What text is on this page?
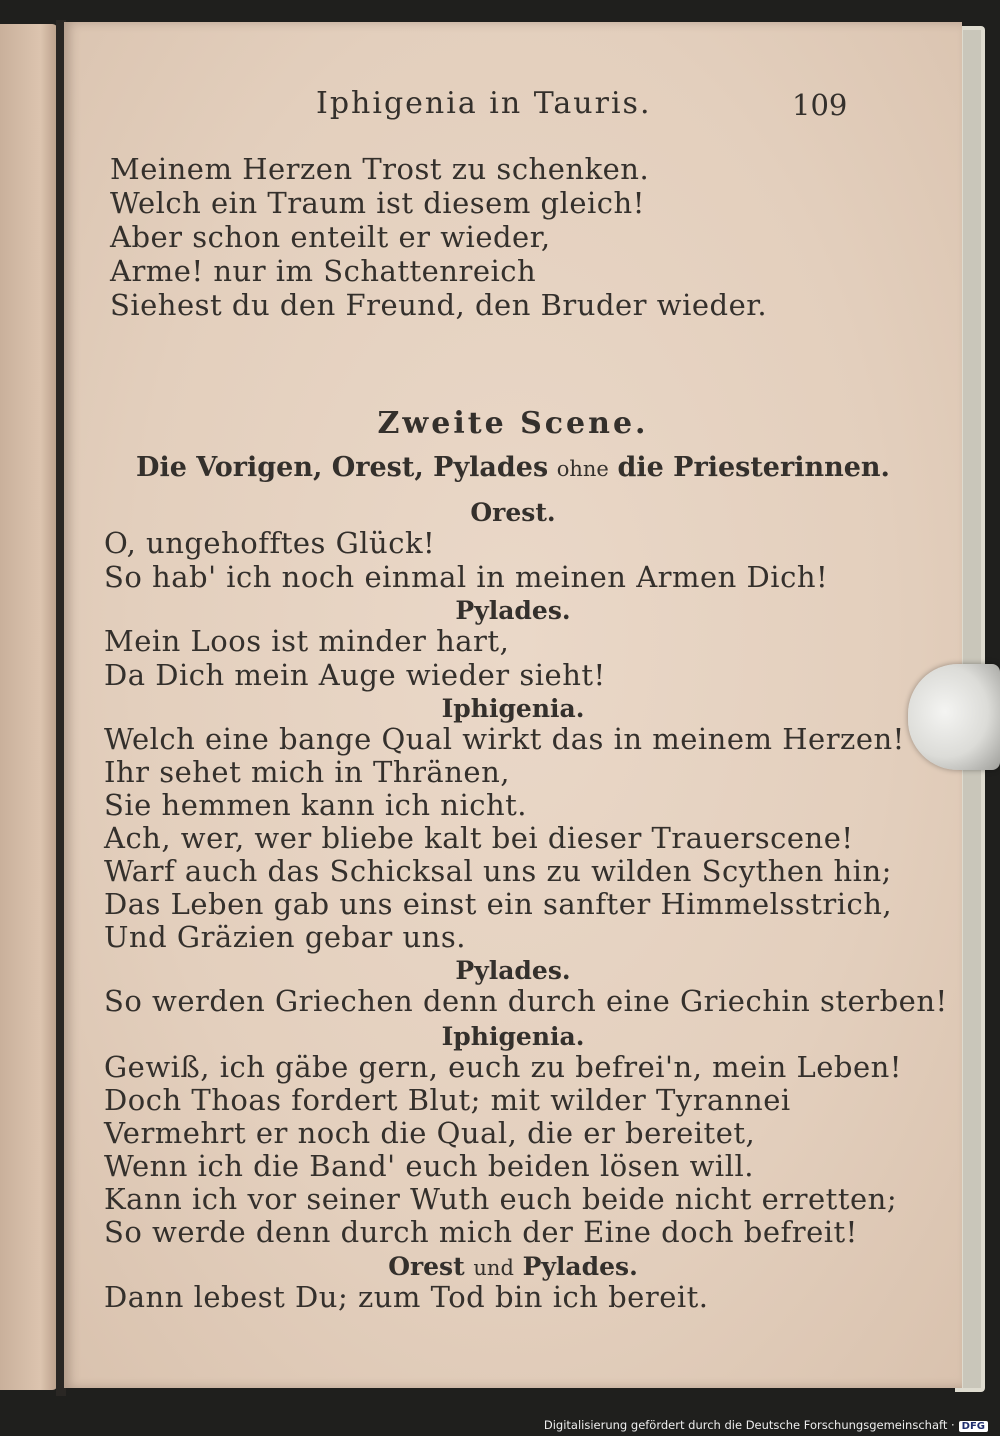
Iphigenia in Tauris.	109
Meinem Herzen Trost zu schenken.
Welch ein Traum ist diesem gleich!
Aber schon enteilt er wieder,
Arme! nur im Schattenreich
Siehest du den Freund, den Bruder wieder.
Zweite Scene.
Die Vorigen, Orest, Pylades ohne die Priesterinnen.
Orest.
O, ungehofftes Glück!
So hab' ich noch einmal in meinen Armen Dich!
Pylades.
Mein Loos ist minder hart,
Da Dich mein Auge wieder sieht!
Iphigenia.
Welch eine bange Qual wirkt das in meinem Herzen!
Ihr sehet mich in Thränen,
Sie hemmen kann ich nicht.
Ach, wer, wer bliebe kalt bei dieser Trauerscene!
Warf auch das Schicksal uns zu wilden Scythen hin;
Das Leben gab uns einst ein sanfter Himmelsstrich,
Und Gräzien gebar uns.
Pylades.
So werden Griechen denn durch eine Griechin sterben!
Iphigenia.
Gewiß, ich gäbe gern, euch zu befrei'n, mein Leben!
Doch Thoas fordert Blut; mit wilder Tyrannei
Vermehrt er noch die Qual, die er bereitet,
Wenn ich die Band' euch beiden lösen will.
Kann ich vor seiner Wuth euch beide nicht erretten;
So werde denn durch mich der Eine doch befreit!
Orest und Pylades.
Dann lebest Du; zum Tod bin ich bereit.
Digitalisierung gefördert durch die Deutsche Forschungsgemeinschaft · DFG
